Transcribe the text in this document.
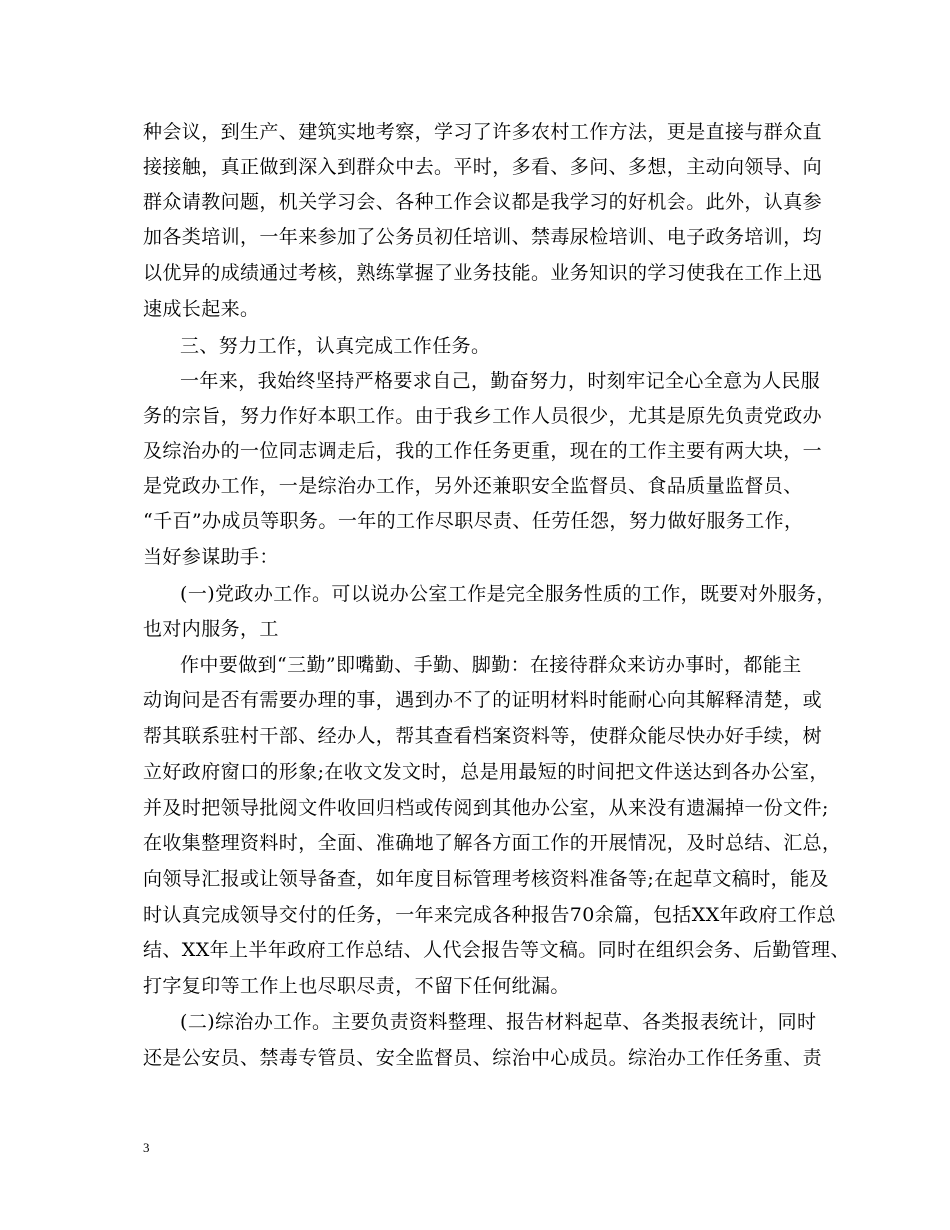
种会议，到生产、建筑实地考察，学习了许多农村工作方法，更是直接与群众直
接接触，真正做到深入到群众中去。平时，多看、多问、多想，主动向领导、向
群众请教问题，机关学习会、各种工作会议都是我学习的好机会。此外，认真参
加各类培训，一年来参加了公务员初任培训、禁毒尿检培训、电子政务培训，均
以优异的成绩通过考核，熟练掌握了业务技能。业务知识的学习使我在工作上迅
速成长起来。
三、努力工作，认真完成工作任务。
一年来，我始终坚持严格要求自己，勤奋努力，时刻牢记全心全意为人民服
务的宗旨，努力作好本职工作。由于我乡工作人员很少，尤其是原先负责党政办
及综治办的一位同志调走后，我的工作任务更重，现在的工作主要有两大块，一
是党政办工作，一是综治办工作，另外还兼职安全监督员、食品质量监督员、
“千百”办成员等职务。一年的工作尽职尽责、任劳任怨，努力做好服务工作，
当好参谋助手：
(一)党政办工作。可以说办公室工作是完全服务性质的工作，既要对外服务，
也对内服务，工
作中要做到“三勤”即嘴勤、手勤、脚勤：在接待群众来访办事时，都能主
动询问是否有需要办理的事，遇到办不了的证明材料时能耐心向其解释清楚，或
帮其联系驻村干部、经办人，帮其查看档案资料等，使群众能尽快办好手续，树
立好政府窗口的形象;在收文发文时，总是用最短的时间把文件送达到各办公室，
并及时把领导批阅文件收回归档或传阅到其他办公室，从来没有遗漏掉一份文件;
在收集整理资料时，全面、准确地了解各方面工作的开展情况，及时总结、汇总，
向领导汇报或让领导备查，如年度目标管理考核资料准备等;在起草文稿时，能及
时认真完成领导交付的任务，一年来完成各种报告70余篇，包括XX年政府工作总
结、XX年上半年政府工作总结、人代会报告等文稿。同时在组织会务、后勤管理、
打字复印等工作上也尽职尽责，不留下任何纰漏。
(二)综治办工作。主要负责资料整理、报告材料起草、各类报表统计，同时
还是公安员、禁毒专管员、安全监督员、综治中心成员。综治办工作任务重、责
3
